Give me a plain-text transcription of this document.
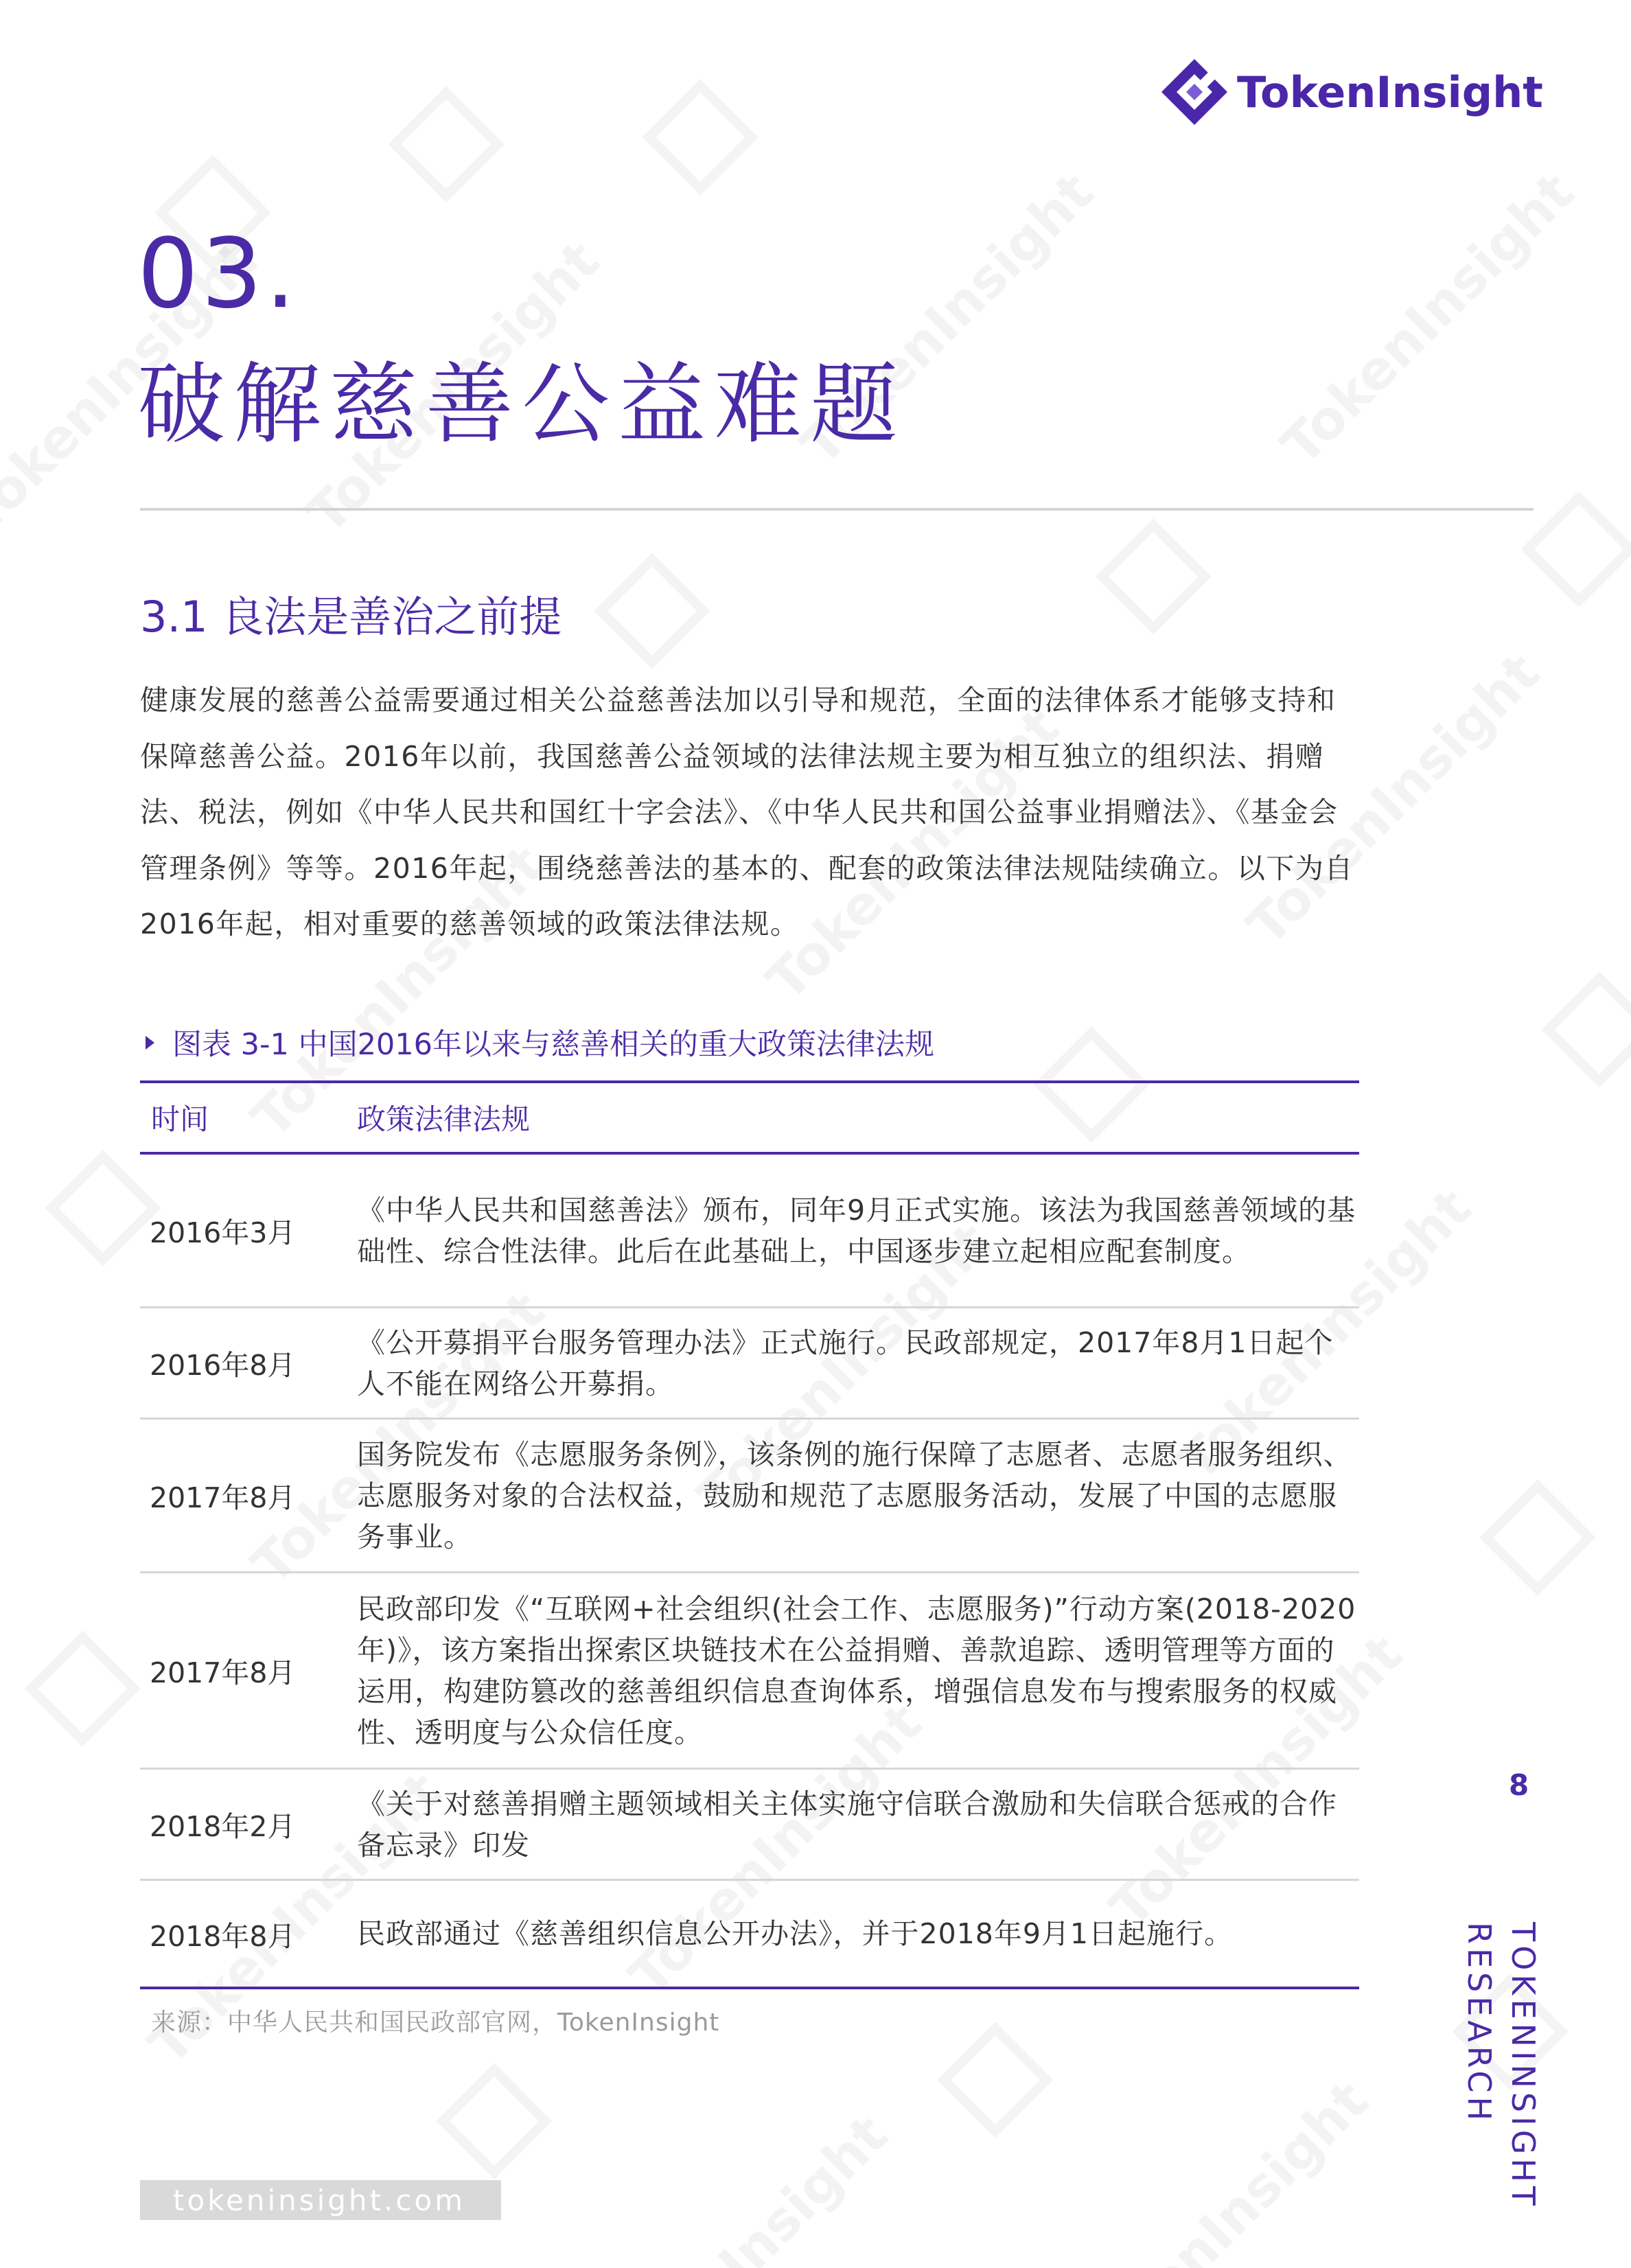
TokenInsight
03.
破解慈善公益难题
3.1 良法是善治之前提

健康发展的慈善公益需要通过相关公益慈善法加以引导和规范，全面的法律体系才能够支持和保障慈善公益。2016年以前，我国慈善公益领域的法律法规主要为相互独立的组织法、捐赠法、税法，例如《中华人民共和国红十字会法》、《中华人民共和国公益事业捐赠法》、《基金会管理条例》等等。2016年起，围绕慈善法的基本的、配套的政策法律法规陆续确立。以下为自2016年起，相对重要的慈善领域的政策法律法规。

图表 3-1 中国2016年以来与慈善相关的重大政策法律法规
时间	政策法律法规
2016年3月
《中华人民共和国慈善法》颁布，同年9月正式实施。该法为我国慈善领域的基础性、综合性法律。此后在此基础上，中国逐步建立起相应配套制度。
2016年8月
《公开募捐平台服务管理办法》正式施行。民政部规定，2017年8月1日起个人不能在网络公开募捐。
2017年8月
国务院发布《志愿服务条例》，该条例的施行保障了志愿者、志愿者服务组织、志愿服务对象的合法权益，鼓励和规范了志愿服务活动，发展了中国的志愿服务事业。
2017年8月
民政部印发《“互联网+社会组织(社会工作、志愿服务)”行动方案(2018-2020 年)》，该方案指出探索区块链技术在公益捐赠、善款追踪、透明管理等方面的运用，构建防篡改的慈善组织信息查询体系，增强信息发布与搜索服务的权威性、透明度与公众信任度。
2018年2月
《关于对慈善捐赠主题领域相关主体实施守信联合激励和失信联合惩戒的合作备忘录》印发
2018年8月	民政部通过《慈善组织信息公开办法》，并于2018年9月1日起施行。
来源：中华人民共和国民政部官网，TokenInsight
tokeninsight.com
8
TOKENINSIGHT
RESEARCH
